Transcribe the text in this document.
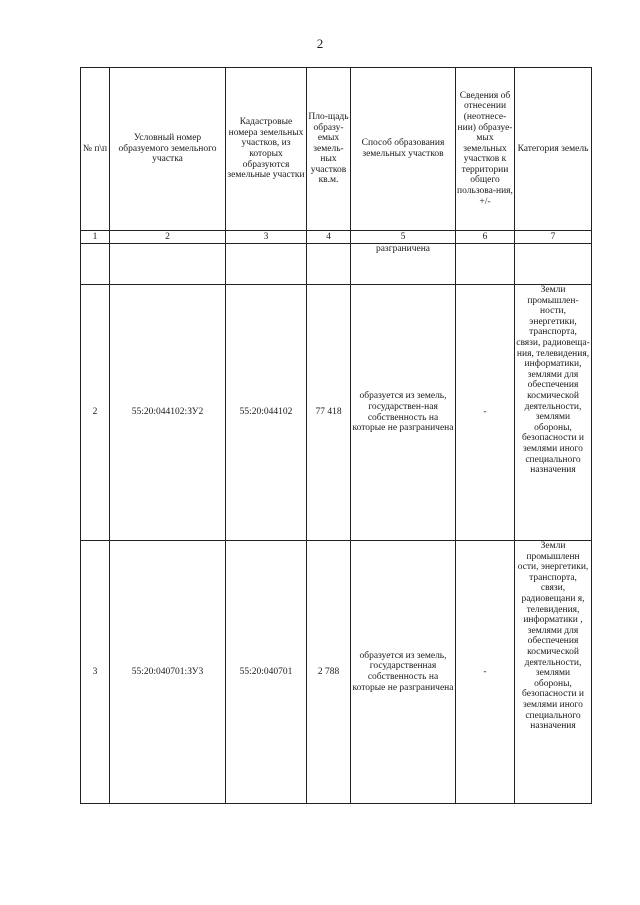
2
№ п\п	Условный номер образуемого земельного участка	Кадастровые номера земельных участков, из которых образуются земельные участки	Пло-щадь образу-емых земель-ных участков кв.м.	Способ образования земельных участков	Сведения об отнесении (неотнесе-нии) образуе-мых земельных участков к территории общего пользова-ния, +/-	Категория земель
1	2	3	4	5	6	7
				разграничена		
2	55:20:044102:ЗУ2	55:20:044102	77 418	образуется из земель, государствен-ная собственность на которые не разграничена	-	Земли промышлен-ности, энергетики, транспорта, связи, радиовеща-ния, телевидения, информатики, землями для обеспечения космической деятельности, землями обороны, безопасности и землями иного специального назначения
3	55:20:040701:ЗУ3	55:20:040701	2 788	образуется из земель, государственная собственность на которые не разграничена	-	Земли промышленн ости, энергетики, транспорта, связи, радиовещани я, телевидения, информатики , землями для обеспечения космической деятельности, землями обороны, безопасности и землями иного специального назначения
